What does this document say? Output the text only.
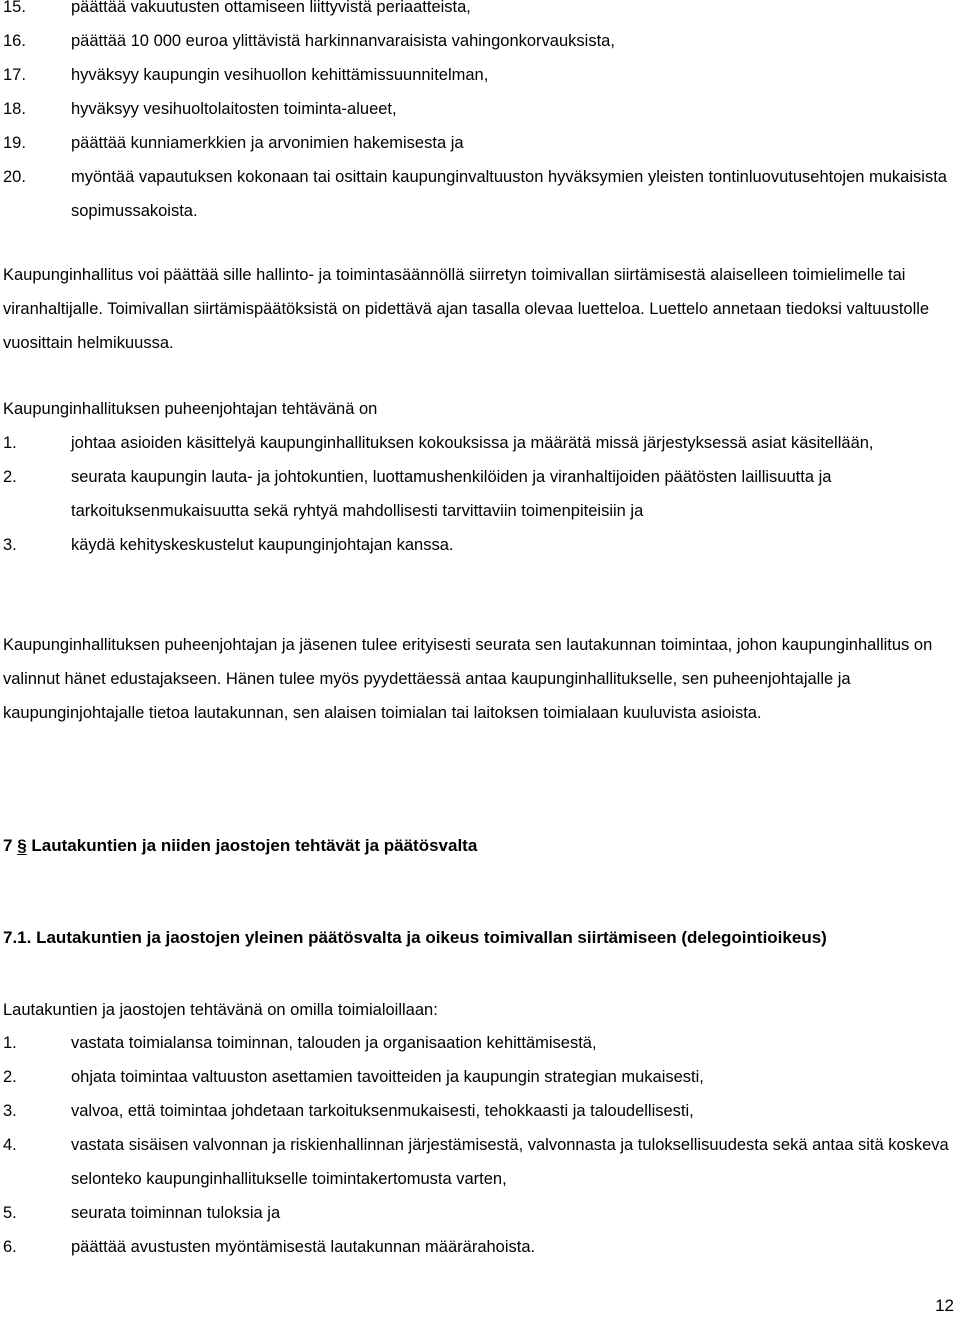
15.	päättää vakuutusten ottamiseen liittyvistä periaatteista,
16.	päättää 10 000 euroa ylittävistä harkinnanvaraisista vahingonkorvauksista,
17.	hyväksyy kaupungin vesihuollon kehittämissuunnitelman,
18.	hyväksyy vesihuoltolaitosten toiminta-alueet,
19.	päättää kunniamerkkien ja arvonimien hakemisesta ja
20.	myöntää vapautuksen kokonaan tai osittain kaupunginvaltuuston hyväksymien yleisten tontinluovutusehtojen mukaisista sopimussakoista.

Kaupunginhallitus voi päättää sille hallinto- ja toimintasäännöllä siirretyn toimivallan siirtämisestä alaiselleen toimielimelle tai viranhaltijalle. Toimivallan siirtämispäätöksistä on pidettävä ajan tasalla olevaa luetteloa. Luettelo annetaan tiedoksi valtuustolle vuosittain helmikuussa.

Kaupunginhallituksen puheenjohtajan tehtävänä on

1.	johtaa asioiden käsittelyä kaupunginhallituksen kokouksissa ja määrätä missä järjestyksessä asiat käsitellään,
2.	seurata kaupungin lauta- ja johtokuntien, luottamushenkilöiden ja viranhaltijoiden päätösten laillisuutta ja tarkoituksenmukaisuutta sekä ryhtyä mahdollisesti tarvittaviin toimenpiteisiin ja
3.	käydä kehityskeskustelut kaupunginjohtajan kanssa.

Kaupunginhallituksen puheenjohtajan ja jäsenen tulee erityisesti seurata sen lautakunnan toimintaa, johon kaupunginhallitus on valinnut hänet edustajakseen. Hänen tulee myös pyydettäessä antaa kaupunginhallitukselle, sen puheenjohtajalle ja kaupunginjohtajalle tietoa lautakunnan, sen alaisen toimialan tai laitoksen toimialaan kuuluvista asioista.

7 § Lautakuntien ja niiden jaostojen tehtävät ja päätösvalta
7.1. Lautakuntien ja jaostojen yleinen päätösvalta ja oikeus toimivallan siirtämiseen (delegointioikeus)

Lautakuntien ja jaostojen tehtävänä on omilla toimialoillaan:

1.	vastata toimialansa toiminnan, talouden ja organisaation kehittämisestä,
2.	ohjata toimintaa valtuuston asettamien tavoitteiden ja kaupungin strategian mukaisesti,
3.	valvoa, että toimintaa johdetaan tarkoituksenmukaisesti, tehokkaasti ja taloudellisesti,
4.	vastata sisäisen valvonnan ja riskienhallinnan järjestämisestä, valvonnasta ja tuloksellisuudesta sekä antaa sitä koskeva selonteko kaupunginhallitukselle toimintakertomusta varten,
5.	seurata toiminnan tuloksia ja
6.	päättää avustusten myöntämisestä lautakunnan määrärahoista.
12
